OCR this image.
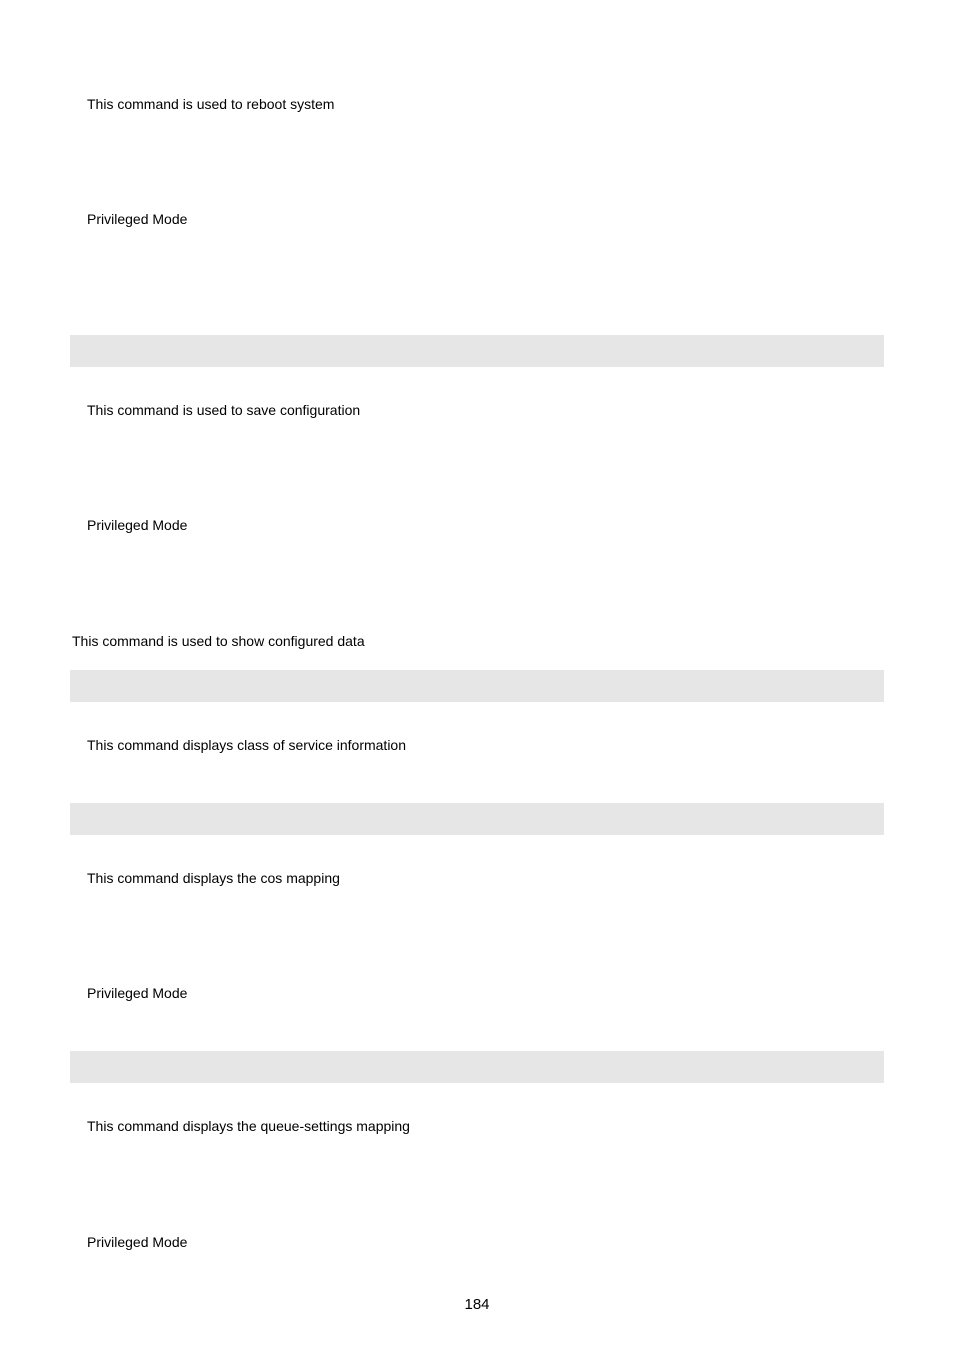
This command is used to reboot system
Privileged Mode
This command is used to save configuration
Privileged Mode
This command is used to show configured data
This command displays class of service information
This command displays the cos mapping
Privileged Mode
This command displays the queue-settings mapping
Privileged Mode
184
